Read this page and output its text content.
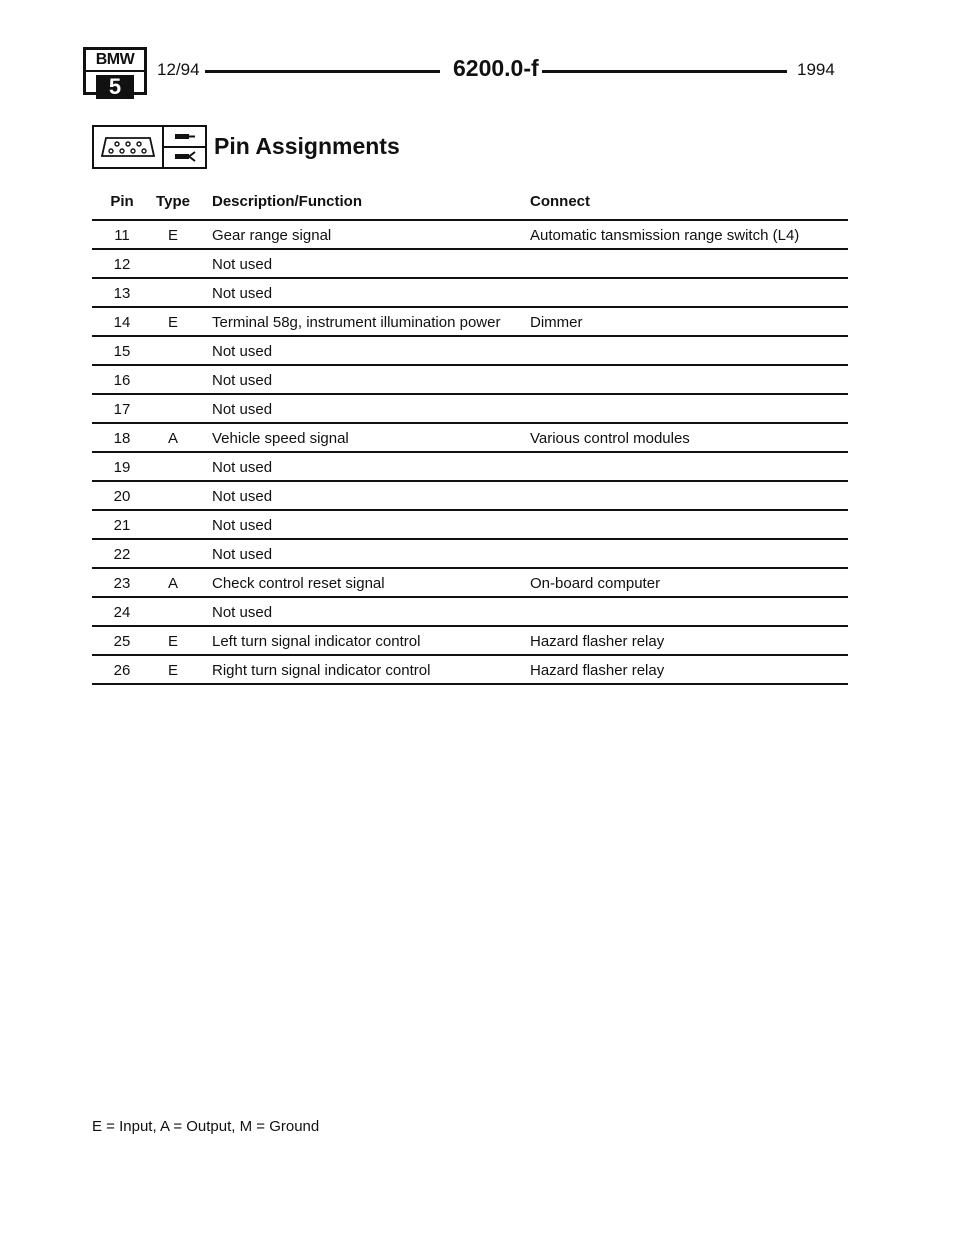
BMW
5
12/94	6200.0-f	1994
Pin Assignments
Pin	Type	Description/Function	Connect
11	E	Gear range signal	Automatic tansmission range switch (L4)
12		Not used	
13		Not used	
14	E	Terminal 58g, instrument illumination power	Dimmer
15		Not used	
16		Not used	
17		Not used	
18	A	Vehicle speed signal	Various control modules
19		Not used	
20		Not used	
21		Not used	
22		Not used	
23	A	Check control reset signal	On-board computer
24		Not used	
25	E	Left turn signal indicator control	Hazard flasher relay
26	E	Right turn signal indicator control	Hazard flasher relay
E = Input, A = Output, M = Ground
